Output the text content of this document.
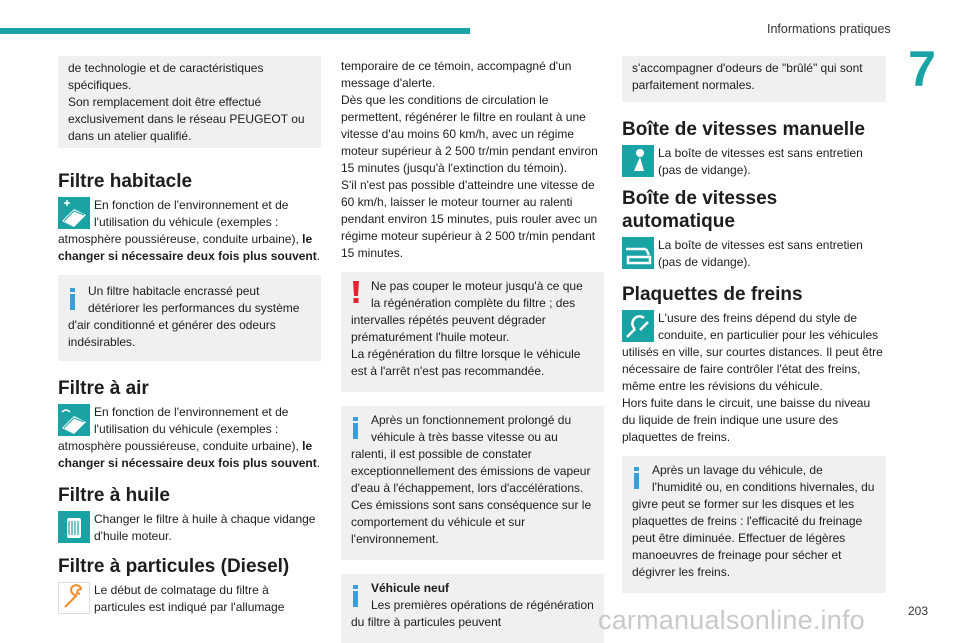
Informations pratiques
7

de technologie et de caractéristiques spécifiques.
Son remplacement doit être effectué exclusivement dans le réseau PEUGEOT ou dans un atelier qualifié.

Filtre habitacle
En fonction de l'environnement et de l'utilisation du véhicule (exemples : atmosphère poussiéreuse, conduite urbaine), le changer si nécessaire deux fois plus souvent.

Un filtre habitacle encrassé peut détériorer les performances du système d'air conditionné et générer des odeurs indésirables.

Filtre à air
En fonction de l'environnement et de l'utilisation du véhicule (exemples : atmosphère poussiéreuse, conduite urbaine), le changer si nécessaire deux fois plus souvent.
Filtre à huile
Changer le filtre à huile à chaque vidange d'huile moteur.
Filtre à particules (Diesel)
Le début de colmatage du filtre à particules est indiqué par l'allumage

temporaire de ce témoin, accompagné d'un message d'alerte.

Dès que les conditions de circulation le permettent, régénérer le filtre en roulant à une vitesse d'au moins 60 km/h, avec un régime moteur supérieur à 2 500 tr/min pendant environ 15 minutes (jusqu'à l'extinction du témoin).

S'il n'est pas possible d'atteindre une vitesse de 60 km/h, laisser le moteur tourner au ralenti pendant environ 15 minutes, puis rouler avec un régime moteur supérieur à 2 500 tr/min pendant 15 minutes.

Ne pas couper le moteur jusqu'à ce que la régénération complète du filtre ; des intervalles répétés peuvent dégrader prématurément l'huile moteur.
La régénération du filtre lorsque le véhicule est à l'arrêt n'est pas recommandée.

Après un fonctionnement prolongé du véhicule à très basse vitesse ou au ralenti, il est possible de constater exceptionnellement des émissions de vapeur d'eau à l'échappement, lors d'accélérations. Ces émissions sont sans conséquence sur le comportement du véhicule et sur l'environnement.

Véhicule neuf

Les premières opérations de régénération du filtre à particules peuvent

s'accompagner d'odeurs de "brûlé" qui sont parfaitement normales.

Boîte de vitesses manuelle
La boîte de vitesses est sans entretien (pas de vidange).
Boîte de vitesses automatique
La boîte de vitesses est sans entretien (pas de vidange).
Plaquettes de freins

L'usure des freins dépend du style de conduite, en particulier pour les véhicules utilisés en ville, sur courtes distances. Il peut être nécessaire de faire contrôler l'état des freins, même entre les révisions du véhicule.

Hors fuite dans le circuit, une baisse du niveau du liquide de frein indique une usure des plaquettes de freins.

Après un lavage du véhicule, de l'humidité ou, en conditions hivernales, du givre peut se former sur les disques et les plaquettes de freins : l'efficacité du freinage peut être diminuée. Effectuer de légères manoeuvres de freinage pour sécher et dégivrer les freins.

carmanualsonline.info	203
